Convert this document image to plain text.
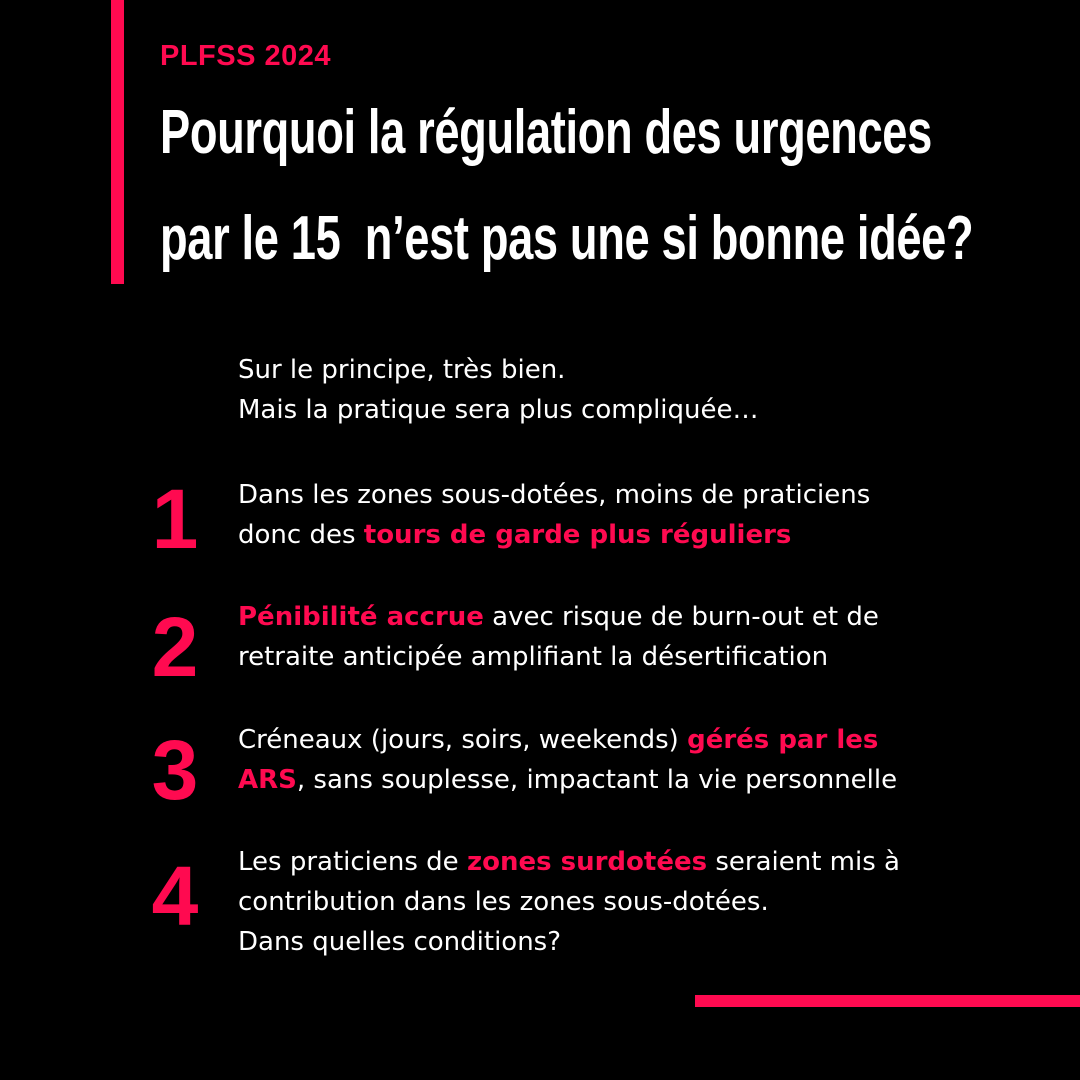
PLFSS 2024
Pourquoi la régulation des urgences
par le 15  n’est pas une si bonne idée?
Sur le principe, très bien.
Mais la pratique sera plus compliquée…
1	Dans les zones sous-dotées, moins de praticiens
donc des tours de garde plus réguliers
2	Pénibilité accrue avec risque de burn-out et de
retraite anticipée amplifiant la désertification
3	Créneaux (jours, soirs, weekends) gérés par les
ARS, sans souplesse, impactant la vie personnelle
4	Les praticiens de zones surdotées seraient mis à
contribution dans les zones sous-dotées.
Dans quelles conditions?
